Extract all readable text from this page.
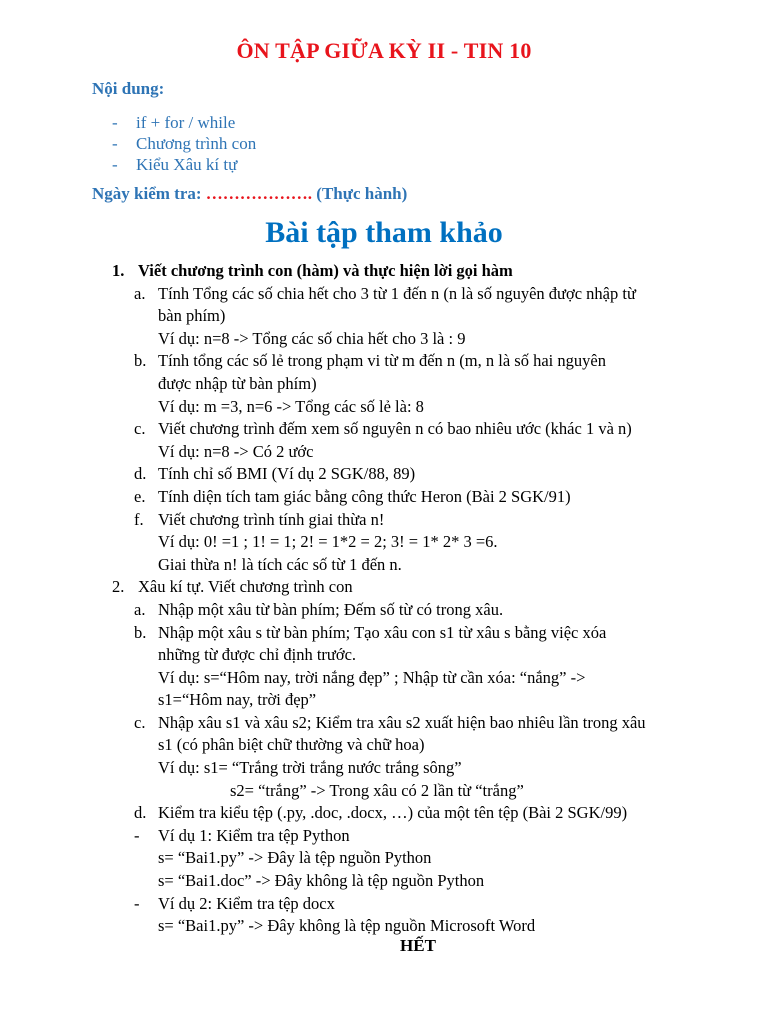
ÔN TẬP GIỮA KỲ II - TIN 10
Nội dung:
-	if + for / while
-	Chương trình con
-	Kiểu Xâu kí tự
Ngày kiểm tra: ………………. (Thực hành)
Bài tập tham khảo
1. Viết chương trình con (hàm) và thực hiện lời gọi hàm
a. Tính Tổng các số chia hết cho 3 từ 1 đến n (n là số nguyên được nhập từ
bàn phím)
Ví dụ: n=8 -> Tổng các số chia hết cho 3 là : 9
b. Tính tổng các số lẻ trong phạm vi từ m đến n (m, n là số hai nguyên
được nhập từ bàn phím)
Ví dụ: m =3, n=6 -> Tổng các số lẻ là: 8
c. Viết chương trình đếm xem số nguyên n có bao nhiêu ước (khác 1 và n)
Ví dụ: n=8 -> Có 2 ước
d. Tính chỉ số BMI (Ví dụ 2 SGK/88, 89)
e. Tính diện tích tam giác bằng công thức Heron (Bài 2 SGK/91)
f. Viết chương trình tính giai thừa n!
Ví dụ: 0! =1 ; 1! = 1; 2! = 1*2 = 2; 3! = 1* 2* 3 =6.
Giai thừa n! là tích các số từ 1 đến n.
2. Xâu kí tự. Viết chương trình con
a. Nhập một xâu từ bàn phím; Đếm số từ có trong xâu.
b. Nhập một xâu s từ bàn phím; Tạo xâu con s1 từ xâu s bằng việc xóa
những từ được chỉ định trước.
Ví dụ: s=“Hôm nay, trời nắng đẹp” ; Nhập từ cần xóa: “nắng” ->
s1=“Hôm nay, trời đẹp”
c. Nhập xâu s1 và xâu s2; Kiểm tra xâu s2 xuất hiện bao nhiêu lần trong xâu
s1 (có phân biệt chữ thường và chữ hoa)
Ví dụ: s1= “Trắng trời trắng nước trắng sông”
s2= “trắng” -> Trong xâu có 2 lần từ “trắng”
d. Kiểm tra kiểu tệp (.py, .doc, .docx, …) của một tên tệp (Bài 2 SGK/99)
-	Ví dụ 1: Kiểm tra tệp Python
s= “Bai1.py” -> Đây là tệp nguồn Python
s= “Bai1.doc” -> Đây không là tệp nguồn Python
-	Ví dụ 2: Kiểm tra tệp docx
s= “Bai1.py” -> Đây không là tệp nguồn Microsoft Word
HẾT
